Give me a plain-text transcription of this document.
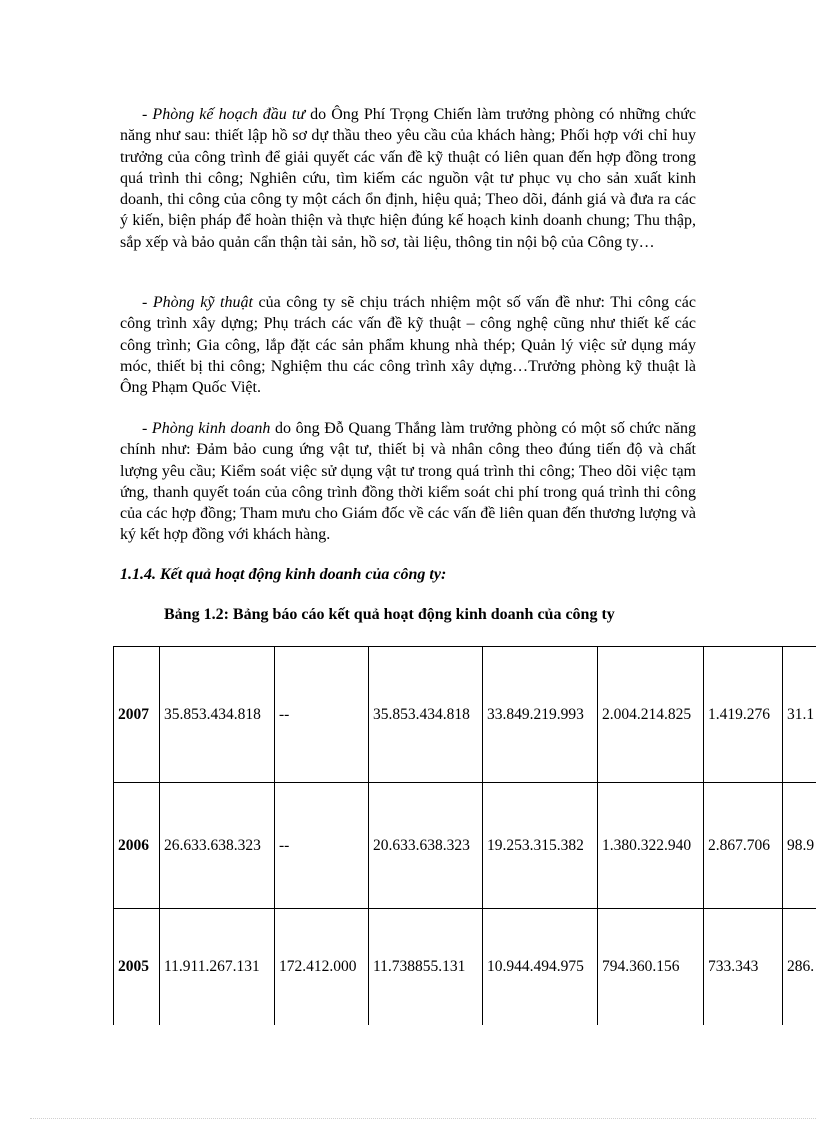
- Phòng kế hoạch đầu tư do Ông Phí Trọng Chiến làm trưởng phòng có những chức năng như sau: thiết lập hồ sơ dự thầu theo yêu cầu của khách hàng; Phối hợp với chỉ huy trưởng của công trình để giải quyết các vấn đề kỹ thuật có liên quan đến hợp đồng trong quá trình thi công; Nghiên cứu, tìm kiếm các nguồn vật tư phục vụ cho sản xuất kinh doanh, thi công của công ty một cách ổn định, hiệu quả; Theo dõi, đánh giá và đưa ra các ý kiến, biện pháp để hoàn thiện và thực hiện đúng kế hoạch kinh doanh chung; Thu thập, sắp xếp và bảo quản cẩn thận tài sản, hồ sơ, tài liệu, thông tin nội bộ của Công ty…

- Phòng kỹ thuật của công ty sẽ chịu trách nhiệm một số vấn đề như: Thi công các công trình xây dựng; Phụ trách các vấn đề kỹ thuật – công nghệ cũng như thiết kế các công trình; Gia công, lắp đặt các sản phẩm khung nhà thép; Quản lý việc sử dụng máy móc, thiết bị thi công; Nghiệm thu các công trình xây dựng…Trưởng phòng kỹ thuật là Ông Phạm Quốc Việt.

- Phòng kinh doanh do ông Đỗ Quang Thắng làm trưởng phòng có một số chức năng chính như: Đảm bảo cung ứng vật tư, thiết bị và nhân công theo đúng tiến độ và chất lượng yêu cầu; Kiểm soát việc sử dụng vật tư trong quá trình thi công; Theo dõi việc tạm ứng, thanh quyết toán của công trình đồng thời kiểm soát chi phí trong quá trình thi công của các hợp đồng; Tham mưu cho Giám đốc về các vấn đề liên quan đến thương lượng và ký kết hợp đồng với khách hàng.

1.1.4. Kết quả hoạt động kinh doanh của công ty:

Bảng 1.2: Bảng báo cáo kết quả hoạt động kinh doanh của công ty

2007	35.853.434.818	--	35.853.434.818	33.849.219.993	2.004.214.825	1.419.276	31.1
2006	26.633.638.323	--	20.633.638.323	19.253.315.382	1.380.322.940	2.867.706	98.9
2005	11.911.267.131	172.412.000	11.738855.131	10.944.494.975	794.360.156	733.343	286.
